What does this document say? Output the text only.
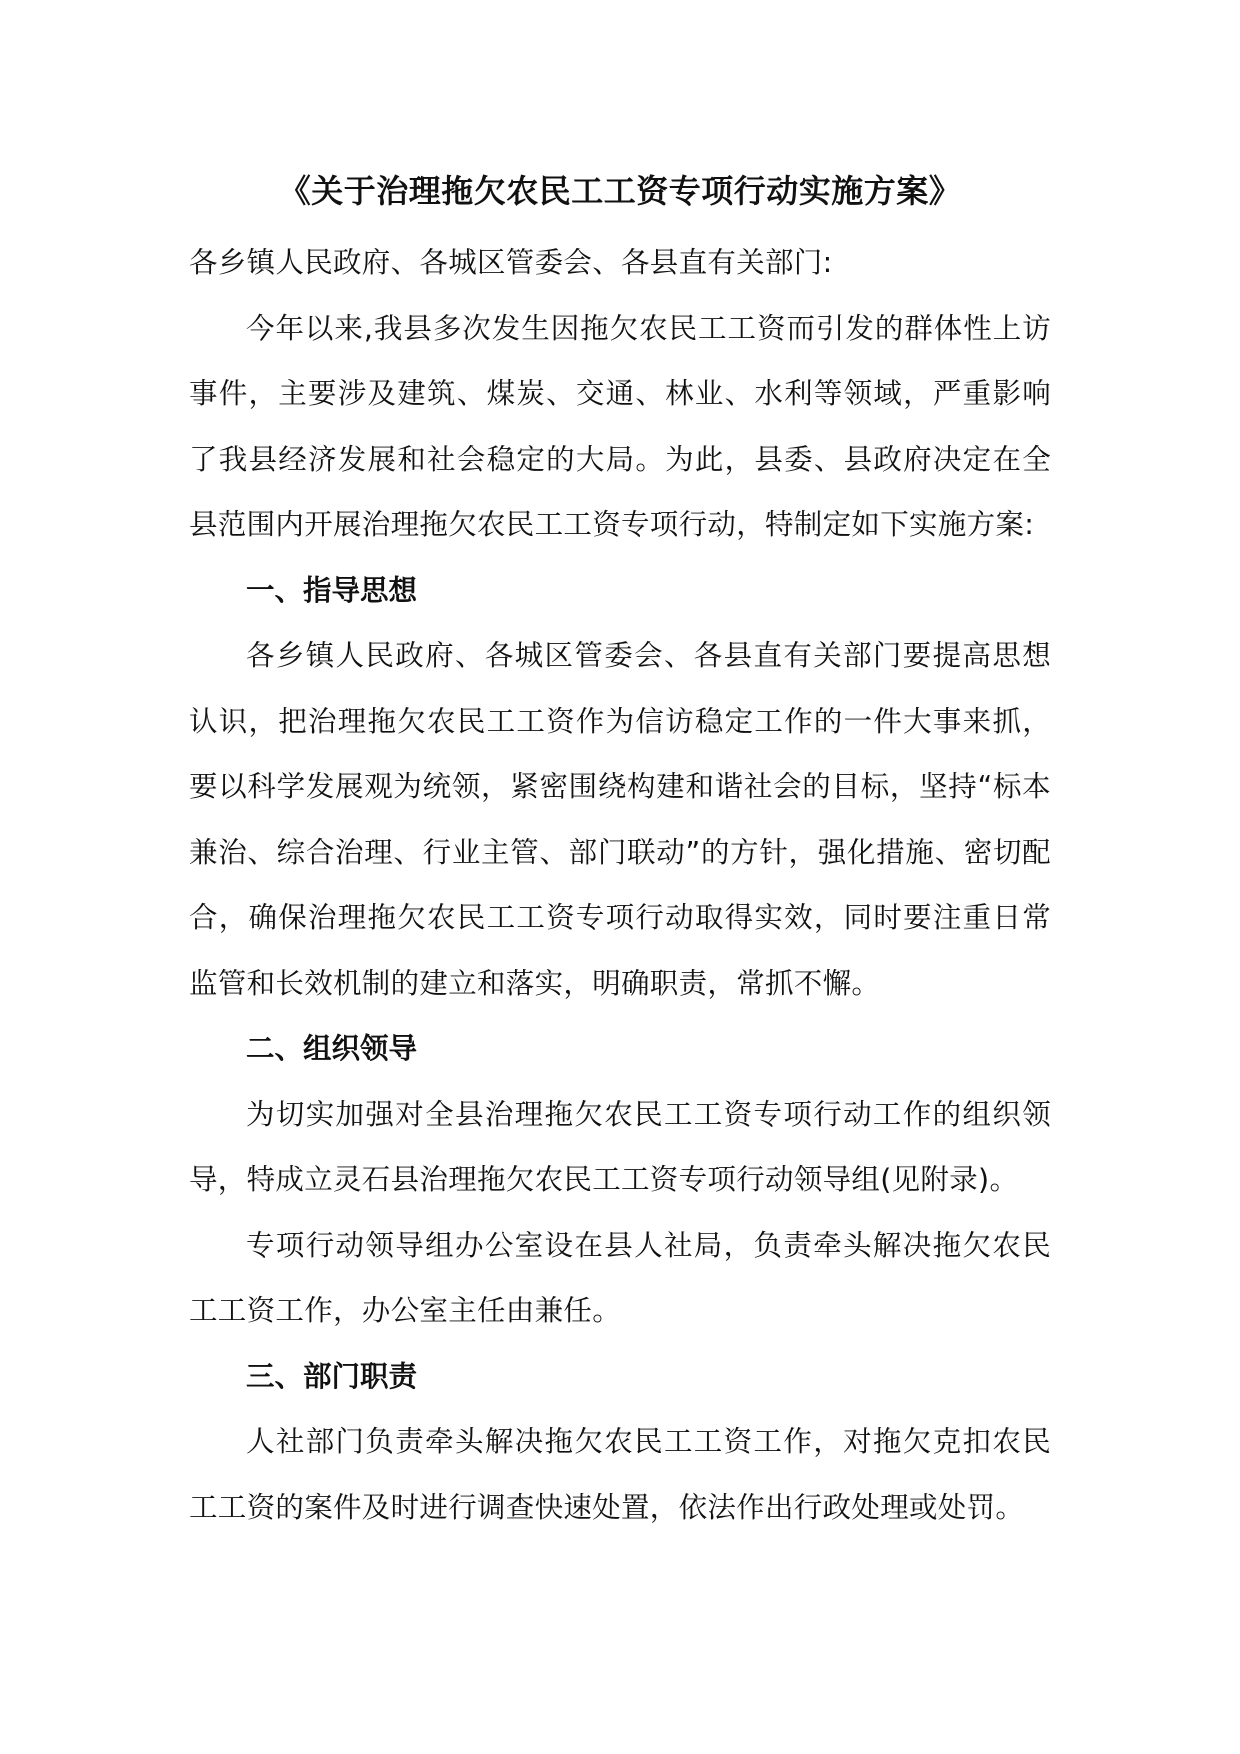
《关于治理拖欠农民工工资专项行动实施方案》

各乡镇人民政府、各城区管委会、各县直有关部门:

今年以来,我县多次发生因拖欠农民工工资而引发的群体性上访事件，主要涉及建筑、煤炭、交通、林业、水利等领域，严重影响了我县经济发展和社会稳定的大局。为此，县委、县政府决定在全县范围内开展治理拖欠农民工工资专项行动，特制定如下实施方案:

一、指导思想

各乡镇人民政府、各城区管委会、各县直有关部门要提高思想认识，把治理拖欠农民工工资作为信访稳定工作的一件大事来抓，要以科学发展观为统领，紧密围绕构建和谐社会的目标，坚持“标本兼治、综合治理、行业主管、部门联动”的方针，强化措施、密切配合，确保治理拖欠农民工工资专项行动取得实效，同时要注重日常监管和长效机制的建立和落实，明确职责，常抓不懈。

二、组织领导

为切实加强对全县治理拖欠农民工工资专项行动工作的组织领导，特成立灵石县治理拖欠农民工工资专项行动领导组(见附录)。

专项行动领导组办公室设在县人社局，负责牵头解决拖欠农民工工资工作，办公室主任由兼任。

三、部门职责

人社部门负责牵头解决拖欠农民工工资工作，对拖欠克扣农民工工资的案件及时进行调查快速处置，依法作出行政处理或处罚。
